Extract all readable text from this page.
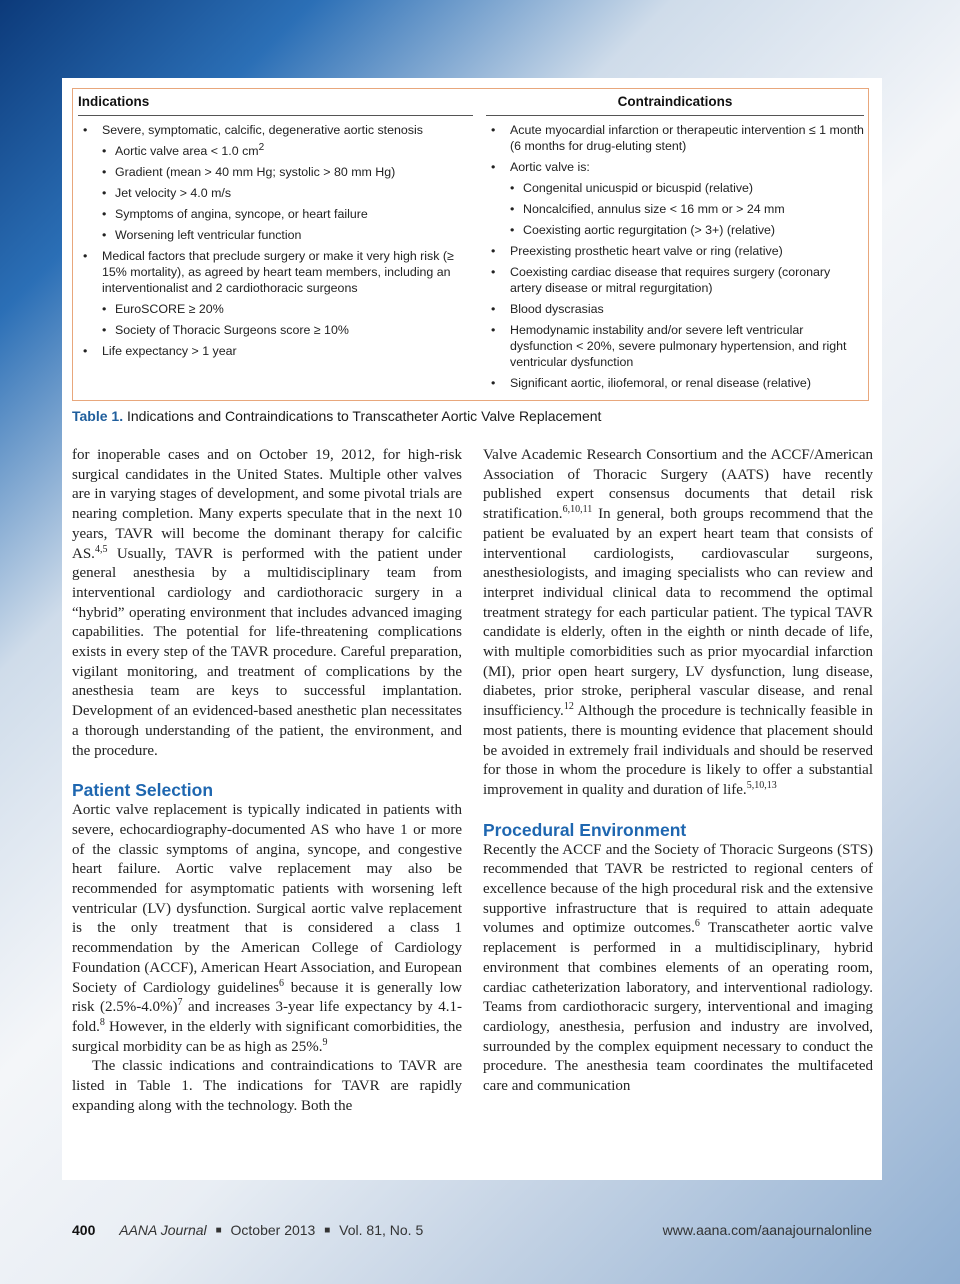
Indications
• Severe, symptomatic, calcific, degenerative aortic stenosis
• Aortic valve area < 1.0 $cm^2$
• Gradient (mean > 40 mm Hg; systolic > 80 mm Hg)
• Jet velocity > 4.0 m/s
• Symptoms of angina, syncope, or heart failure
• Worsening left ventricular function
• Medical factors that preclude surgery or make it very high risk (≥ 15% mortality), as agreed by heart team members, including an interventionalist and 2 cardiothoracic surgeons
• EuroSCORE ≥ 20%
• Society of Thoracic Surgeons score ≥ 10%
• Life expectancy > 1 year
Contraindications
• Acute myocardial infarction or therapeutic intervention ≤ 1 month (6 months for drug-eluting stent)
• Aortic valve is:
• Congenital unicuspid or bicuspid (relative)
• Noncalcified, annulus size < 16 mm or > 24 mm
• Coexisting aortic regurgitation (> 3+) (relative)
• Preexisting prosthetic heart valve or ring (relative)
• Coexisting cardiac disease that requires surgery (coronary artery disease or mitral regurgitation)
• Blood dyscrasias
• Hemodynamic instability and/or severe left ventricular dysfunction < 20%, severe pulmonary hypertension, and right ventricular dysfunction
• Significant aortic, iliofemoral, or renal disease (relative)
Table 1. Indications and Contraindications to Transcatheter Aortic Valve Replacement

for inoperable cases and on October 19, 2012, for high-risk surgical candidates in the United States. Multiple other valves are in varying stages of development, and some pivotal trials are nearing completion. Many experts speculate that in the next 10 years, TAVR will become the dominant therapy for calcific AS.$^{4,5}$ Usually, TAVR is performed with the patient under general anesthesia by a multidisciplinary team from interventional cardiology and cardiothoracic surgery in a “hybrid” operating environment that includes advanced imaging capabilities. The potential for life-threatening complications exists in every step of the TAVR procedure. Careful preparation, vigilant monitoring, and treatment of complications by the anesthesia team are keys to successful implantation. Development of an evidenced-based anesthetic plan necessitates a thorough understanding of the patient, the environment, and the procedure.

Patient Selection

Aortic valve replacement is typically indicated in patients with severe, echocardiography-documented AS who have 1 or more of the classic symptoms of angina, syncope, and congestive heart failure. Aortic valve replacement may also be recommended for asymptomatic patients with worsening left ventricular (LV) dysfunction. Surgical aortic valve replacement is the only treatment that is considered a class 1 recommendation by the American College of Cardiology Foundation (ACCF), American Heart Association, and European Society of Cardiology guidelines$^6$ because it is generally low risk $(2.5\%-4.0\%)^7$ and increases 3-year life expectancy by 4.1-fold.$^8$ However, in the elderly with significant comorbidities, the surgical morbidity can be as high as 25%.$^9$

The classic indications and contraindications to TAVR are listed in Table 1. The indications for TAVR are rapidly expanding along with the technology. Both the

Valve Academic Research Consortium and the ACCF/American Association of Thoracic Surgery (AATS) have recently published expert consensus documents that detail risk stratification.$^{6,10,11}$ In general, both groups recommend that the patient be evaluated by an expert heart team that consists of interventional cardiologists, cardiovascular surgeons, anesthesiologists, and imaging specialists who can review and interpret individual clinical data to recommend the optimal treatment strategy for each particular patient. The typical TAVR candidate is elderly, often in the eighth or ninth decade of life, with multiple comorbidities such as prior myocardial infarction (MI), prior open heart surgery, LV dysfunction, lung disease, diabetes, prior stroke, peripheral vascular disease, and renal insufficiency.$^{12}$ Although the procedure is technically feasible in most patients, there is mounting evidence that placement should be avoided in extremely frail individuals and should be reserved for those in whom the procedure is likely to offer a substantial improvement in quality and duration of life.$^{5,10,13}$

Procedural Environment

Recently the ACCF and the Society of Thoracic Surgeons (STS) recommended that TAVR be restricted to regional centers of excellence because of the high procedural risk and the extensive supportive infrastructure that is required to attain adequate volumes and optimize outcomes.$^6$ Transcatheter aortic valve replacement is performed in a multidisciplinary, hybrid environment that combines elements of an operating room, cardiac catheterization laboratory, and interventional radiology. Teams from cardiothoracic surgery, interventional and imaging cardiology, anesthesia, perfusion and industry are involved, surrounded by the complex equipment necessary to conduct the procedure. The anesthesia team coordinates the multifaceted care and communication

400 AANA Journal ■ October 2013 ■ Vol. 81, No. 5	www.aana.com/aanajournalonline
